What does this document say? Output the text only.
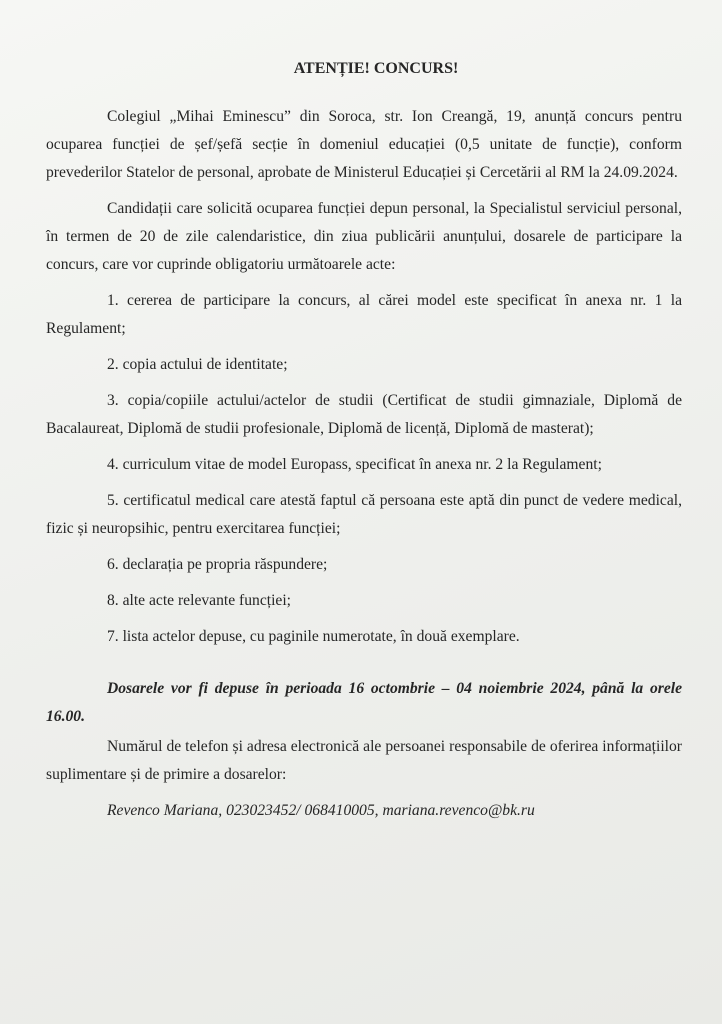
ATENȚIE! CONCURS!

Colegiul „Mihai Eminescu” din Soroca, str. Ion Creangă, 19, anunță concurs pentru ocuparea funcției de șef/șefă secție în domeniul educației (0,5 unitate de funcție), conform prevederilor Statelor de personal, aprobate de Ministerul Educației și Cercetării al RM la 24.09.2024.

Candidații care solicită ocuparea funcției depun personal, la Specialistul serviciul personal, în termen de 20 de zile calendaristice, din ziua publicării anunțului, dosarele de participare la concurs, care vor cuprinde obligatoriu următoarele acte:

1. cererea de participare la concurs, al cărei model este specificat în anexa nr. 1 la Regulament;

2. copia actului de identitate;

3. copia/copiile actului/actelor de studii (Certificat de studii gimnaziale, Diplomă de Bacalaureat, Diplomă de studii profesionale, Diplomă de licență, Diplomă de masterat);

4. curriculum vitae de model Europass, specificat în anexa nr. 2 la Regulament;

5. certificatul medical care atestă faptul că persoana este aptă din punct de vedere medical, fizic și neuropsihic, pentru exercitarea funcției;

6. declarația pe propria răspundere;

8. alte acte relevante funcției;

7. lista actelor depuse, cu paginile numerotate, în două exemplare.

Dosarele vor fi depuse în perioada 16 octombrie – 04 noiembrie 2024, până la orele 16.00.

Numărul de telefon și adresa electronică ale persoanei responsabile de oferirea informațiilor suplimentare și de primire a dosarelor:

Revenco Mariana, 023023452/ 068410005, mariana.revenco@bk.ru
